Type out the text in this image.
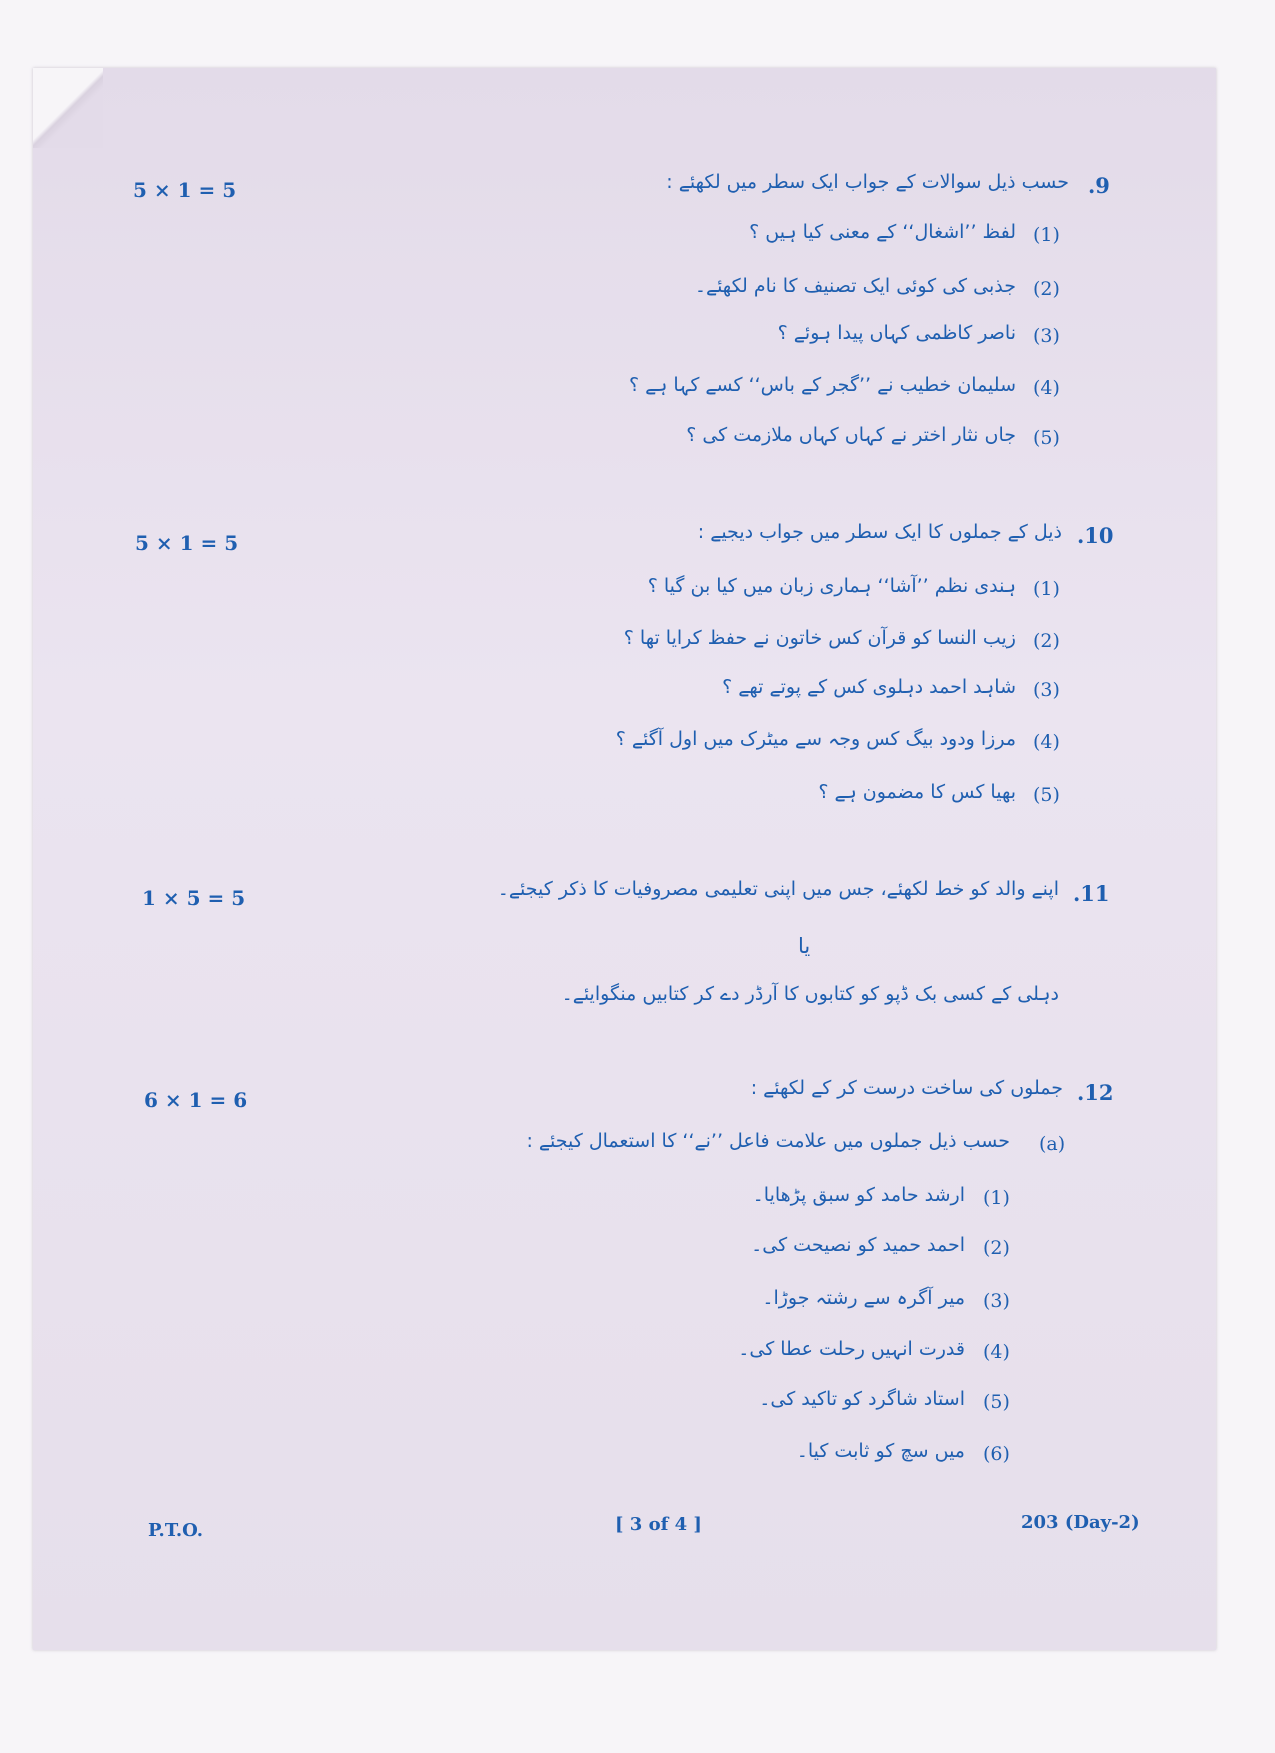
5 × 1 = 5	.9
حسب ذیل سوالات کے جواب ایک سطر میں لکھئے :
(1)
لفظ ’’اشغال‘‘ کے معنی کیا ہیں ؟
(2)
جذبی کی کوئی ایک تصنیف کا نام لکھئے۔
(3)
ناصر کاظمی کہاں پیدا ہوئے ؟
(4)
سلیمان خطیب نے ’’گجر کے باس‘‘ کسے کہا ہے ؟
(5)
جاں نثار اختر نے کہاں کہاں ملازمت کی ؟
5 × 1 = 5	.10
ذیل کے جملوں کا ایک سطر میں جواب دیجیے :
(1)
ہندی نظم ’’آشا‘‘ ہماری زبان میں کیا بن گیا ؟
(2)
زیب النسا کو قرآن کس خاتون نے حفظ کرایا تھا ؟
(3)
شاہد احمد دہلوی کس کے پوتے تھے ؟
(4)
مرزا ودود بیگ کس وجہ سے میٹرک میں اول آگئے ؟
(5)
بھیا کس کا مضمون ہے ؟
1 × 5 = 5	.11
اپنے والد کو خط لکھئے، جس میں اپنی تعلیمی مصروفیات کا ذکر کیجئے۔
یا
دہلی کے کسی بک ڈپو کو کتابوں کا آرڈر دے کر کتابیں منگوایئے۔
6 × 1 = 6	.12
جملوں کی ساخت درست کر کے لکھئے :
(a)
حسب ذیل جملوں میں علامت فاعل ’’نے‘‘ کا استعمال کیجئے :
(1)
ارشد حامد کو سبق پڑھایا۔
(2)
احمد حمید کو نصیحت کی۔
(3)
میر آگرہ سے رشتہ جوڑا۔
(4)
قدرت انہیں رحلت عطا کی۔
(5)
استاد شاگرد کو تاکید کی۔
(6)
میں سچ کو ثابت کیا۔
P.T.O.	[ 3 of 4 ]	203 (Day-2)
